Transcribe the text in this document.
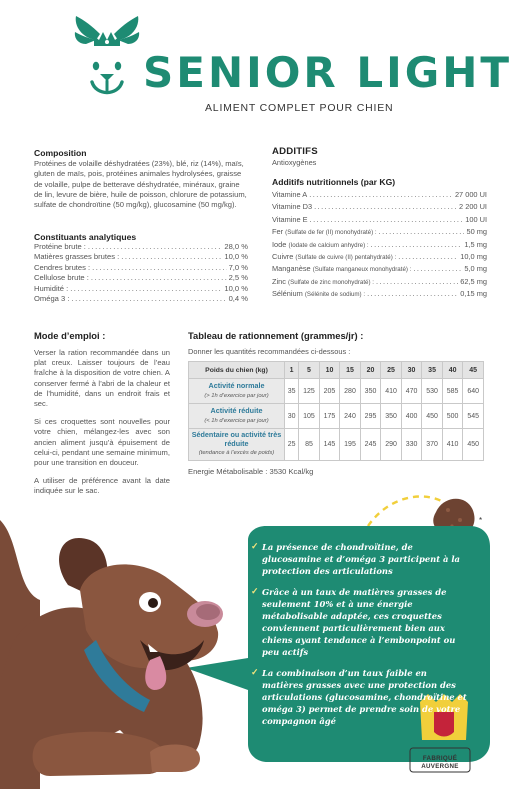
SENIOR LIGHT
ALIMENT COMPLET POUR CHIEN
Composition
Protéines de volaille déshydratées (23%), blé, riz (14%), maïs, gluten de maïs, pois, protéines animales hydrolysées, graisse de volaille, pulpe de betterave déshydratée, minéraux, graine de lin, levure de bière, huile de poisson, chlorure de potassium, sulfate de chondroïtine (50 mg/kg), glucosamine (50 mg/kg).
Constituants analytiques
Protéine brute : . . .	28,0 %
Matières grasses brutes : . . .	10,0 %
Cendres brutes : . . .	7,0 %
Cellulose brute : . . .	2,5 %
Humidité : . . .	10,0 %
Oméga 3 : . . .	0,4 %
ADDITIFS
Antioxygènes
Additifs nutritionnels (par KG)
Vitamine A . . .	27 000 UI
Vitamine D3 . . .	2 200 UI
Vitamine E . . .	100 UI
Fer (Sulfate de fer (II) monohydraté) : . . .	50 mg
Iode (Iodate de calcium anhydre) : . . .	1,5 mg
Cuivre (Sulfate de cuivre (II) pentahydraté) : . . .	10,0 mg
Manganèse (Sulfate manganeux monohydraté) : . . .	5,0 mg
Zinc (Sulfate de zinc monohydraté) : . . .	62,5 mg
Sélénium (Sélénite de sodium) : . . .	0,15 mg
Mode d’emploi :

Verser la ration recommandée dans un plat creux. Laisser toujours de l’eau fraîche à la disposition de votre chien. A conserver fermé à l’abri de la chaleur et de l’humidité, dans un endroit frais et sec.

Si ces croquettes sont nouvelles pour votre chien, mélangez-les avec son ancien aliment jusqu’à épuisement de celui-ci, pendant une semaine minimum, pour une transition en douceur.

A utiliser de préférence avant la date indiquée sur le sac.

Tableau de rationnement (grammes/jr) :
Donner les quantités recommandées ci-dessous :
Poids du chien (kg)	1	5	10	15	20	25	30	35	40	45
Activité normale
(> 1h d’exercice par jour)	35	125	205	280	350	410	470	530	585	640
Activité réduite
(< 1h d’exercice par jour)	30	105	175	240	295	350	400	450	500	545
Sédentaire ou activité très réduite
(tendance à l’excès de poids)	25	85	145	195	245	290	330	370	410	450
Energie Métabolisable : 3530 Kcal/kg
✓ La présence de chondroïtine, de glucosamine et d’oméga 3 participent à la protection des articulations
✓ Grâce à un taux de matières grasses de seulement 10% et à une énergie métabolisable adaptée, ces croquettes conviennent particulièrement bien aux chiens ayant tendance à l’embonpoint ou peu actifs
✓ La combinaison d’un taux faible en matières grasses avec une protection des articulations (glucosamine, chondroïtine et oméga 3) permet de prendre soin de votre compagnon âgé
*
FABRIQUÉ
AUVERGNE
